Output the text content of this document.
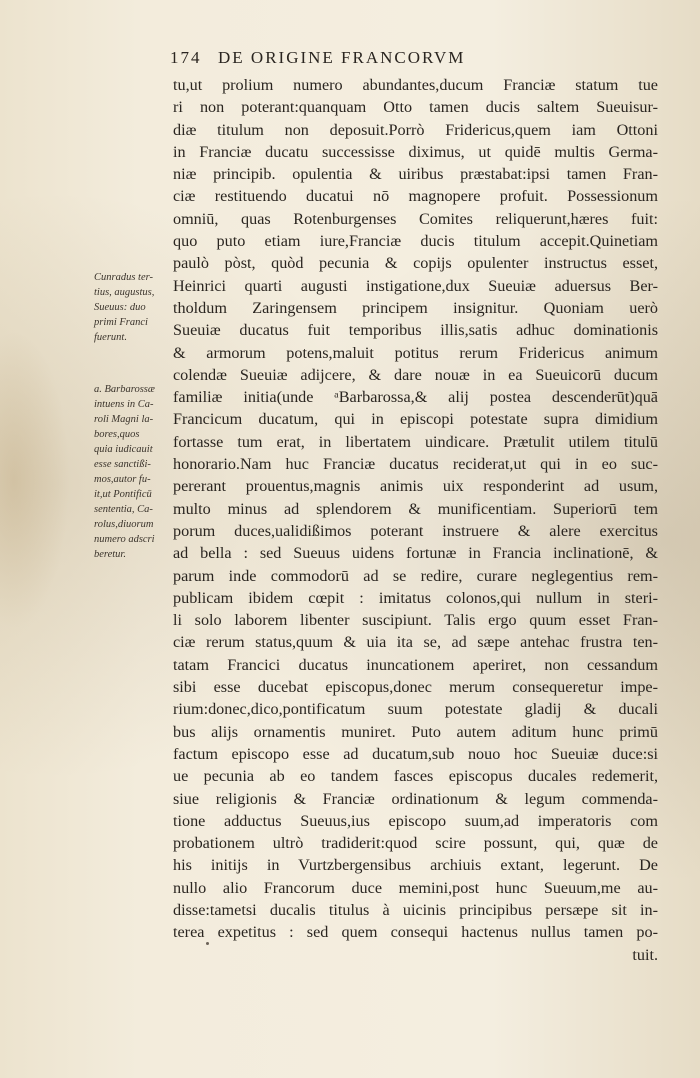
174 DE ORIGINE FRANCORVM
tu,ut prolium numero abundantes,ducum Franciæ statum tue
ri non poterant:quanquam Otto tamen ducis saltem Sueuisur-
diæ titulum non deposuit.Porrò Fridericus,quem iam Ottoni
in Franciæ ducatu successisse diximus, ut quidē multis Germa-
niæ principib. opulentia & uiribus præstabat:ipsi tamen Fran-
ciæ restituendo ducatui nō magnopere profuit. Possessionum
omniū, quas Rotenburgenses Comites reliquerunt,hæres fuit:
quo puto etiam iure,Franciæ ducis titulum accepit.Quinetiam
paulò pòst, quòd pecunia & copijs opulenter instructus esset,
Heinrici quarti augusti instigatione,dux Sueuiæ aduersus Ber-
tholdum Zaringensem principem insignitur. Quoniam uerò
Sueuiæ ducatus fuit temporibus illis,satis adhuc dominationis
& armorum potens,maluit potitus rerum Fridericus animum
colendæ Sueuiæ adijcere, & dare nouæ in ea Sueuicorū ducum
familiæ initia(unde ᵃBarbarossa,& alij postea descenderūt)quā
Francicum ducatum, qui in episcopi potestate supra dimidium
fortasse tum erat, in libertatem uindicare. Prætulit utilem titulū
honorario.Nam huc Franciæ ducatus reciderat,ut qui in eo suc-
pererant prouentus,magnis animis uix responderint ad usum,
multo minus ad splendorem & munificentiam. Superiorū tem
porum duces,ualidißimos poterant instruere & alere exercitus
ad bella : sed Sueuus uidens fortunæ in Francia inclinationē, &
parum inde commodorū ad se redire, curare neglegentius rem-
publicam ibidem cœpit : imitatus colonos,qui nullum in steri-
li solo laborem libenter suscipiunt. Talis ergo quum esset Fran-
ciæ rerum status,quum & uia ita se, ad sæpe antehac frustra ten-
tatam Francici ducatus inuncationem aperiret, non cessandum
sibi esse ducebat episcopus,donec merum consequeretur impe-
rium:donec,dico,pontificatum suum potestate gladij & ducali
bus alijs ornamentis muniret. Puto autem aditum hunc primū
factum episcopo esse ad ducatum,sub nouo hoc Sueuiæ duce:si
ue pecunia ab eo tandem fasces episcopus ducales redemerit,
siue religionis & Franciæ ordinationum & legum commenda-
tione adductus Sueuus,ius episcopo suum,ad imperatoris com
probationem ultrò tradiderit:quod scire possunt, qui, quæ de
his initijs in Vurtzbergensibus archiuis extant, legerunt. De
nullo alio Francorum duce memini,post hunc Sueuum,me au-
disse:tametsi ducalis titulus à uicinis principibus persæpe sit in-
terea expetitus : sed quem consequi hactenus nullus tamen po-
tuit.
Cunradus ter-
tius, augustus,
Sueuus: duo
primi Franci
fuerunt.
a. Barbarossæ
intuens in Ca-
roli Magni la-
bores,quos
quia iudicauit
esse sanctißi-
mos,autor fu-
it,ut Pontificū
sententia, Ca-
rolus,diuorum
numero adscri
beretur.
